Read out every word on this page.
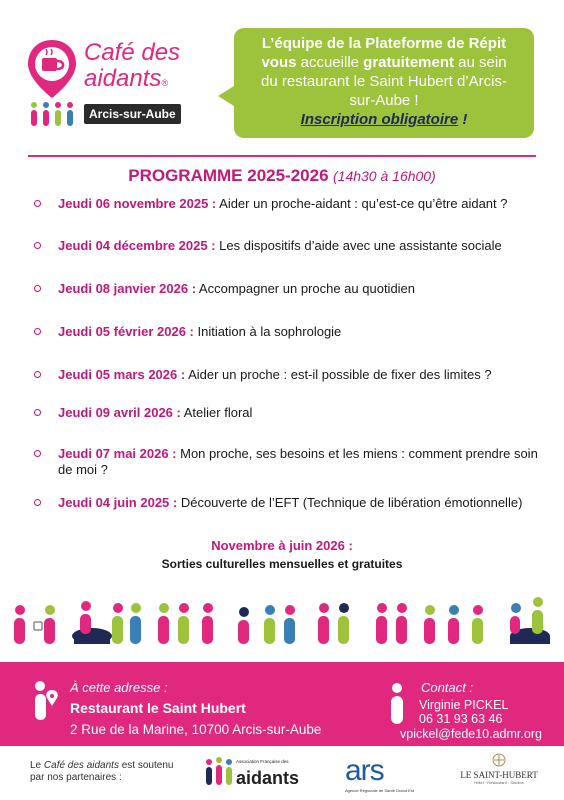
Café des
aidants®
Arcis-sur-Aube
L’équipe de la Plateforme de Répit
vous accueille gratuitement au sein
du restaurant le Saint Hubert d’Arcis-
sur-Aube !
Inscription obligatoire !
PROGRAMME 2025-2026 (14h30 à 16h00)
Jeudi 06 novembre 2025 : Aider un proche-aidant : qu’est-ce qu’être aidant ?
Jeudi 04 décembre 2025 : Les dispositifs d’aide avec une assistante sociale
Jeudi 08 janvier 2026 : Accompagner un proche au quotidien
Jeudi 05 février 2026 : Initiation à la sophrologie
Jeudi 05 mars 2026 : Aider un proche : est-il possible de fixer des limites ?
Jeudi 09 avril 2026 : Atelier floral
Jeudi 07 mai 2026 : Mon proche, ses besoins et les miens : comment prendre soin de moi ?
Jeudi 04 juin 2025 : Découverte de l’EFT (Technique de libération émotionnelle)
Novembre à juin 2026 :
Sorties culturelles mensuelles et gratuites
À cette adresse :
Restaurant le Saint Hubert
2 Rue de la Marine, 10700 Arcis-sur-Aube
Contact :
Virginie PICKEL
06 31 93 63 46
vpickel@fede10.admr.org
Le Café des aidants est soutenu
par nos partenaires :
Association Française des
aidants ars
Agence Régionale de Santé Grand Est
LE SAINT-HUBERT
Hôtel · Restaurant · Studios
